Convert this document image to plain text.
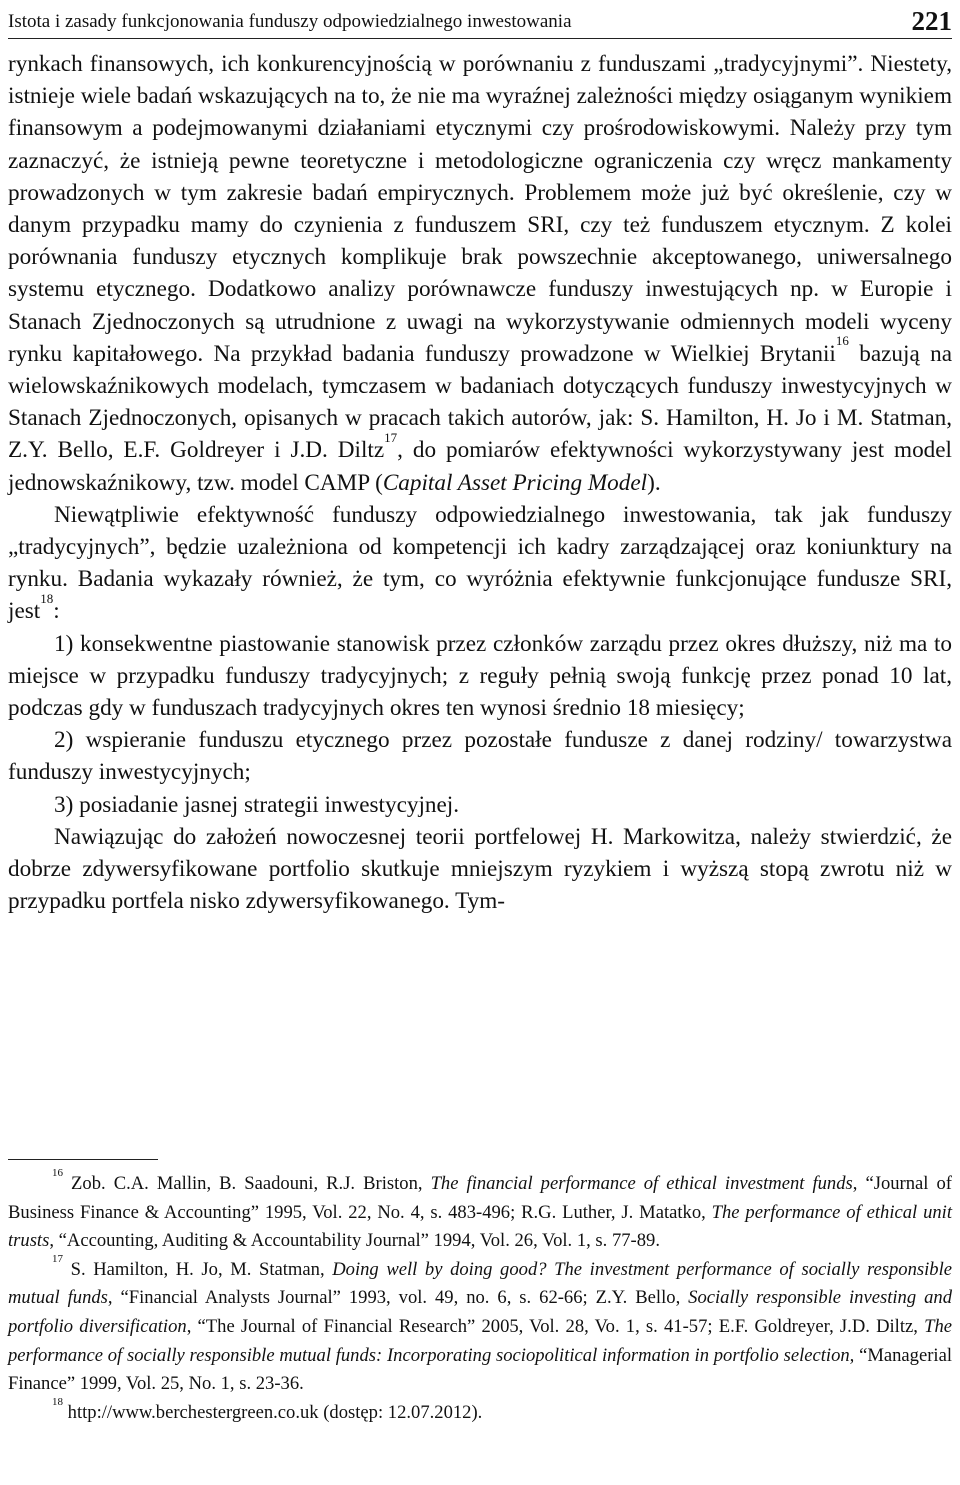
Istota i zasady funkcjonowania funduszy odpowiedzialnego inwestowania	221

rynkach finansowych, ich konkurencyjnością w porównaniu z funduszami „tradycyjnymi”. Niestety, istnieje wiele badań wskazujących na to, że nie ma wyraźnej zależności między osiąganym wynikiem finansowym a podejmowanymi działaniami etycznymi czy prośrodowiskowymi. Należy przy tym zaznaczyć, że istnieją pewne teoretyczne i metodologiczne ograniczenia czy wręcz mankamenty prowadzonych w tym zakresie badań empirycznych. Problemem może już być określenie, czy w danym przypadku mamy do czynienia z funduszem SRI, czy też funduszem etycznym. Z kolei porównania funduszy etycznych komplikuje brak powszechnie akceptowanego, uniwersalnego systemu etycznego. Dodatkowo analizy porównawcze funduszy inwestujących np. w Europie i Stanach Zjednoczonych są utrudnione z uwagi na wykorzystywanie odmiennych modeli wyceny rynku kapitałowego. Na przykład badania funduszy prowadzone w Wielkiej Brytanii$^{16}$ bazują na wielowskaźnikowych modelach, tymczasem w badaniach dotyczących funduszy inwestycyjnych w Stanach Zjednoczonych, opisanych w pracach takich autorów, jak: S. Hamilton, H. Jo i M. Statman, Z.Y. Bello, E.F. Goldreyer i J.D. Diltz$^{17}$, do pomiarów efektywności wykorzystywany jest model jednowskaźnikowy, tzw. model CAMP (Capital Asset Pricing Model).

Niewątpliwie efektywność funduszy odpowiedzialnego inwestowania, tak jak funduszy „tradycyjnych”, będzie uzależniona od kompetencji ich kadry zarządzającej oraz koniunktury na rynku. Badania wykazały również, że tym, co wyróżnia efektywnie funkcjonujące fundusze SRI, jest$^{18}$:

1) konsekwentne piastowanie stanowisk przez członków zarządu przez okres dłuższy, niż ma to miejsce w przypadku funduszy tradycyjnych; z reguły pełnią swoją funkcję przez ponad 10 lat, podczas gdy w funduszach tradycyjnych okres ten wynosi średnio 18 miesięcy;

2) wspieranie funduszu etycznego przez pozostałe fundusze z danej rodziny/ towarzystwa funduszy inwestycyjnych;

3) posiadanie jasnej strategii inwestycyjnej.

Nawiązując do założeń nowoczesnej teorii portfelowej H. Markowitza, należy stwierdzić, że dobrze zdywersyfikowane portfolio skutkuje mniejszym ryzykiem i wyższą stopą zwrotu niż w przypadku portfela nisko zdywersyfikowanego. Tym-

$^{16}$ Zob. C.A. Mallin, B. Saadouni, R.J. Briston, The financial performance of ethical investment funds, “Journal of Business Finance & Accounting” 1995, Vol. 22, No. 4, s. 483-496; R.G. Luther, J. Matatko, The performance of ethical unit trusts, “Accounting, Auditing & Accountability Journal” 1994, Vol. 26, Vol. 1, s. 77-89.

$^{17}$ S. Hamilton, H. Jo, M. Statman, Doing well by doing good? The investment performance of socially responsible mutual funds, “Financial Analysts Journal” 1993, vol. 49, no. 6, s. 62-66; Z.Y. Bello, Socially responsible investing and portfolio diversification, “The Journal of Financial Research” 2005, Vol. 28, Vo. 1, s. 41-57; E.F. Goldreyer, J.D. Diltz, The performance of socially responsible mutual funds: Incorporating sociopolitical information in portfolio selection, “Managerial Finance” 1999, Vol. 25, No. 1, s. 23-36.

$^{18}$ http://www.berchestergreen.co.uk (dostęp: 12.07.2012).
